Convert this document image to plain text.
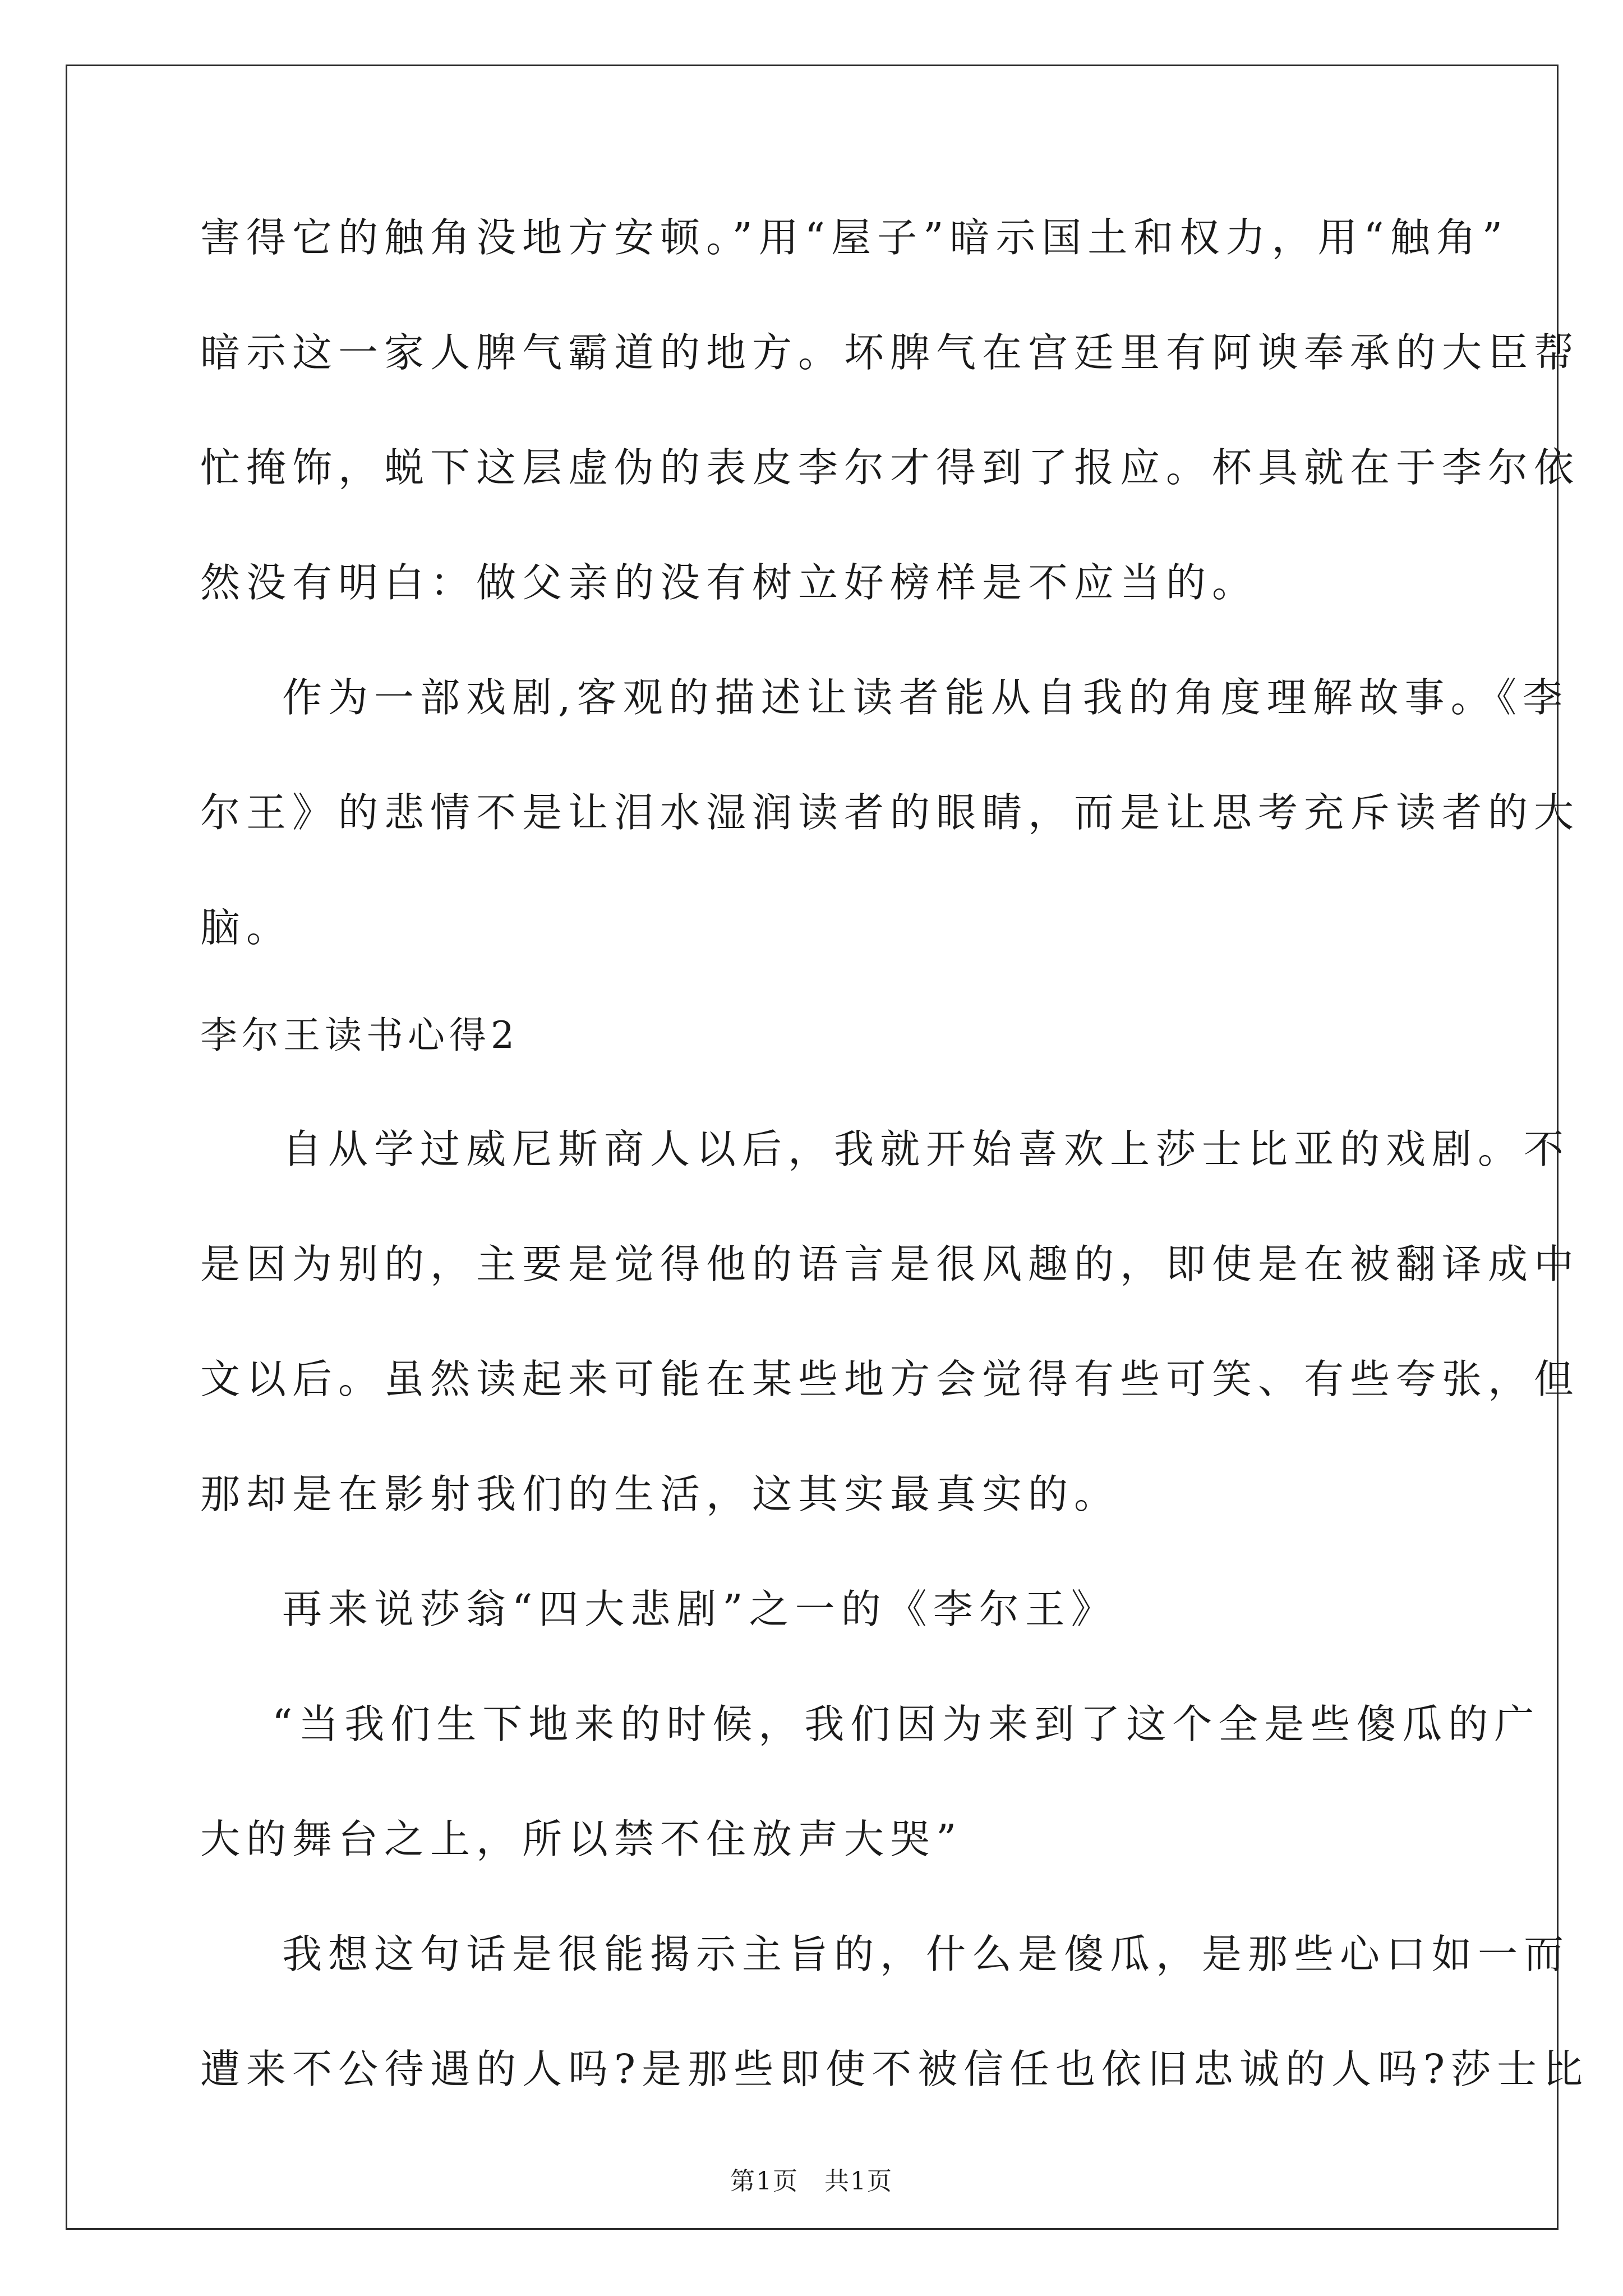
害得它的触角没地方安顿。”用“屋子”暗示国土和权力，用“触角”
暗示这一家人脾气霸道的地方。坏脾气在宫廷里有阿谀奉承的大臣帮
忙掩饰，蜕下这层虚伪的表皮李尔才得到了报应。杯具就在于李尔依
然没有明白：做父亲的没有树立好榜样是不应当的。
作为一部戏剧,客观的描述让读者能从自我的角度理解故事。《李
尔王》的悲情不是让泪水湿润读者的眼睛，而是让思考充斥读者的大
脑。
李尔王读书心得2
自从学过威尼斯商人以后，我就开始喜欢上莎士比亚的戏剧。不
是因为别的，主要是觉得他的语言是很风趣的，即使是在被翻译成中
文以后。虽然读起来可能在某些地方会觉得有些可笑、有些夸张，但
那却是在影射我们的生活，这其实最真实的。
再来说莎翁“四大悲剧”之一的《李尔王》
“当我们生下地来的时候，我们因为来到了这个全是些傻瓜的广
大的舞台之上，所以禁不住放声大哭”
我想这句话是很能揭示主旨的，什么是傻瓜，是那些心口如一而
遭来不公待遇的人吗?是那些即使不被信任也依旧忠诚的人吗?莎士比
第1页　共1页
